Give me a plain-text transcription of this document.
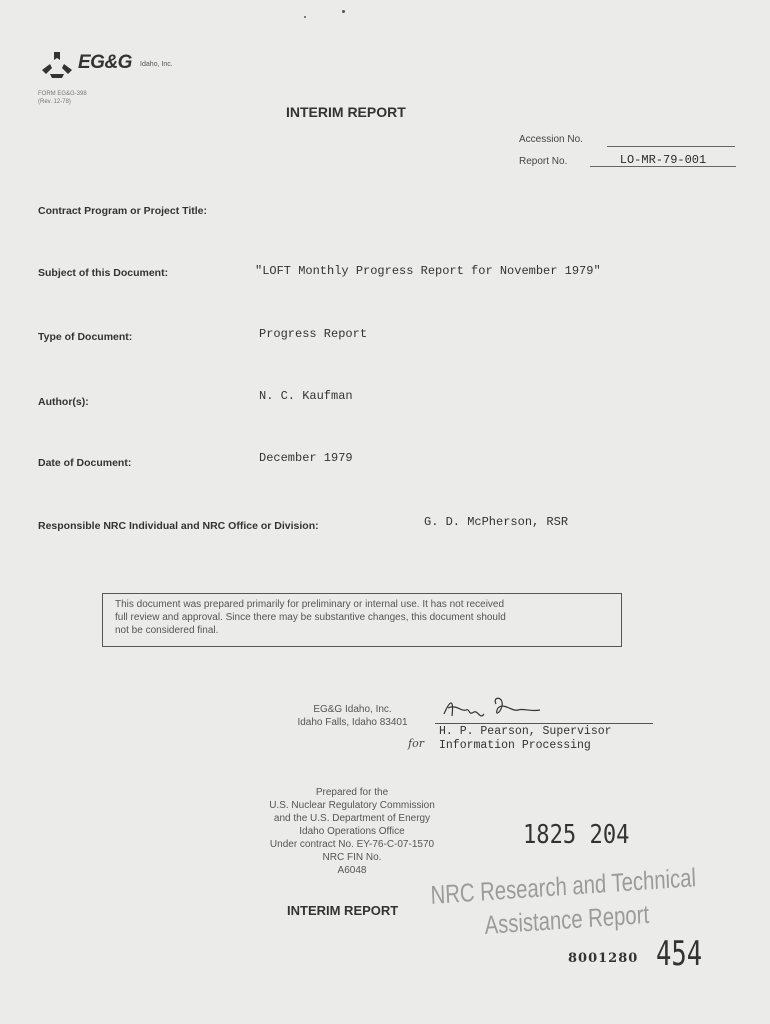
EG&G Idaho, Inc.
FORM EG&G-398
(Rev. 12-78)
INTERIM REPORT
Accession No.
Report No.	LO-MR-79-001
Contract Program or Project Title:
Subject of this Document:	"LOFT Monthly Progress Report for November 1979"
Type of Document:	Progress Report
Author(s):	N. C. Kaufman
Date of Document:	December 1979
Responsible NRC Individual and NRC Office or Division:	G. D. McPherson, RSR
This document was prepared primarily for preliminary or internal use. It has not received
full review and approval. Since there may be substantive changes, this document should
not be considered final.
EG&G Idaho, Inc.
Idaho Falls, Idaho 83401
H. P. Pearson, Supervisor
Information Processing
for
Prepared for the
U.S. Nuclear Regulatory Commission
and the U.S. Department of Energy
Idaho Operations Office
Under contract No. EY-76-C-07-1570
NRC FIN No.
A6048
1825 204
INTERIM REPORT
NRC Research and Technical
Assistance Report
8001280 454
